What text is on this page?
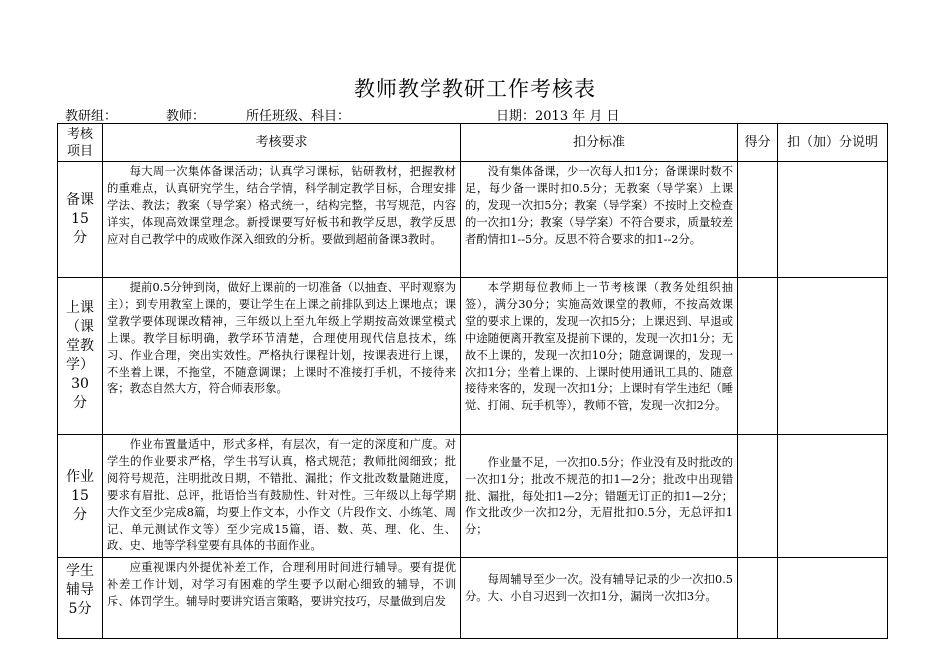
教师教学教研工作考核表
教研组：	教师：	所任班级、科目：	日期：2013 年 月 日
考核项目	考核要求	扣分标准	得分	扣（加）分说明
备课15分	每大周一次集体备课活动；认真学习课标，钻研教材，把握教材的重难点，认真研究学生，结合学情，科学制定教学目标，合理安排学法、教法；教案（导学案）格式统一，结构完整，书写规范，内容详实，体现高效课堂理念。新授课要写好板书和教学反思，教学反思应对自己教学中的成败作深入细致的分析。要做到超前备课3教时。	没有集体备课，少一次每人扣1分；备课课时数不足，每少备一课时扣0.5分；无教案（导学案）上课的，发现一次扣5分；教案（导学案）不按时上交检查的一次扣1分；教案（导学案）不符合要求，质量较差者酌情扣1--5分。反思不符合要求的扣1--2分。		
上课（课堂教学）30分	提前0.5分钟到岗，做好上课前的一切准备（以抽查、平时观察为主）；到专用教室上课的，要让学生在上课之前排队到达上课地点；课堂教学要体现课改精神，三年级以上至九年级上学期按高效课堂模式上课。教学目标明确，教学环节清楚，合理使用现代信息技术，练习、作业合理，突出实效性。严格执行课程计划，按课表进行上课，不坐着上课，不拖堂，不随意调课；上课时不准接打手机，不接待来客；教态自然大方，符合师表形象。	本学期每位教师上一节考核课（教务处组织抽签），满分30分；实施高效课堂的教师，不按高效课堂的要求上课的，发现一次扣5分；上课迟到、早退或中途随便离开教室及提前下课的，发现一次扣1分；无故不上课的，发现一次扣10分；随意调课的，发现一次扣1分；坐着上课的、上课时使用通讯工具的、随意接待来客的，发现一次扣1分；上课时有学生违纪（睡觉、打闹、玩手机等），教师不管，发现一次扣2分。		
作业15分	作业布置量适中，形式多样，有层次，有一定的深度和广度。对学生的作业要求严格，学生书写认真，格式规范；教师批阅细致；批阅符号规范，注明批改日期，不错批、漏批；作文批改数量随进度，要求有眉批、总评，批语恰当有鼓励性、针对性。三年级以上每学期大作文至少完成8篇，均要上作文本，小作文（片段作文、小练笔、周记、单元测试作文等）至少完成15篇，语、数、英、理、化、生、政、史、地等学科堂要有具体的书面作业。	作业量不足，一次扣0.5分；作业没有及时批改的一次扣1分；批改不规范的扣1—2分；批改中出现错批、漏批，每处扣1—2分；错题无订正的扣1—2分；作文批改少一次扣2分，无眉批扣0.5分，无总评扣1分；		
学生辅导5分	应重视课内外提优补差工作，合理利用时间进行辅导。要有提优补差工作计划，对学习有困难的学生要予以耐心细致的辅导，不训斥、体罚学生。辅导时要讲究语言策略，要讲究技巧，尽量做到启发	每周辅导至少一次。没有辅导记录的少一次扣0.5分。大、小自习迟到一次扣1分，漏岗一次扣3分。		
